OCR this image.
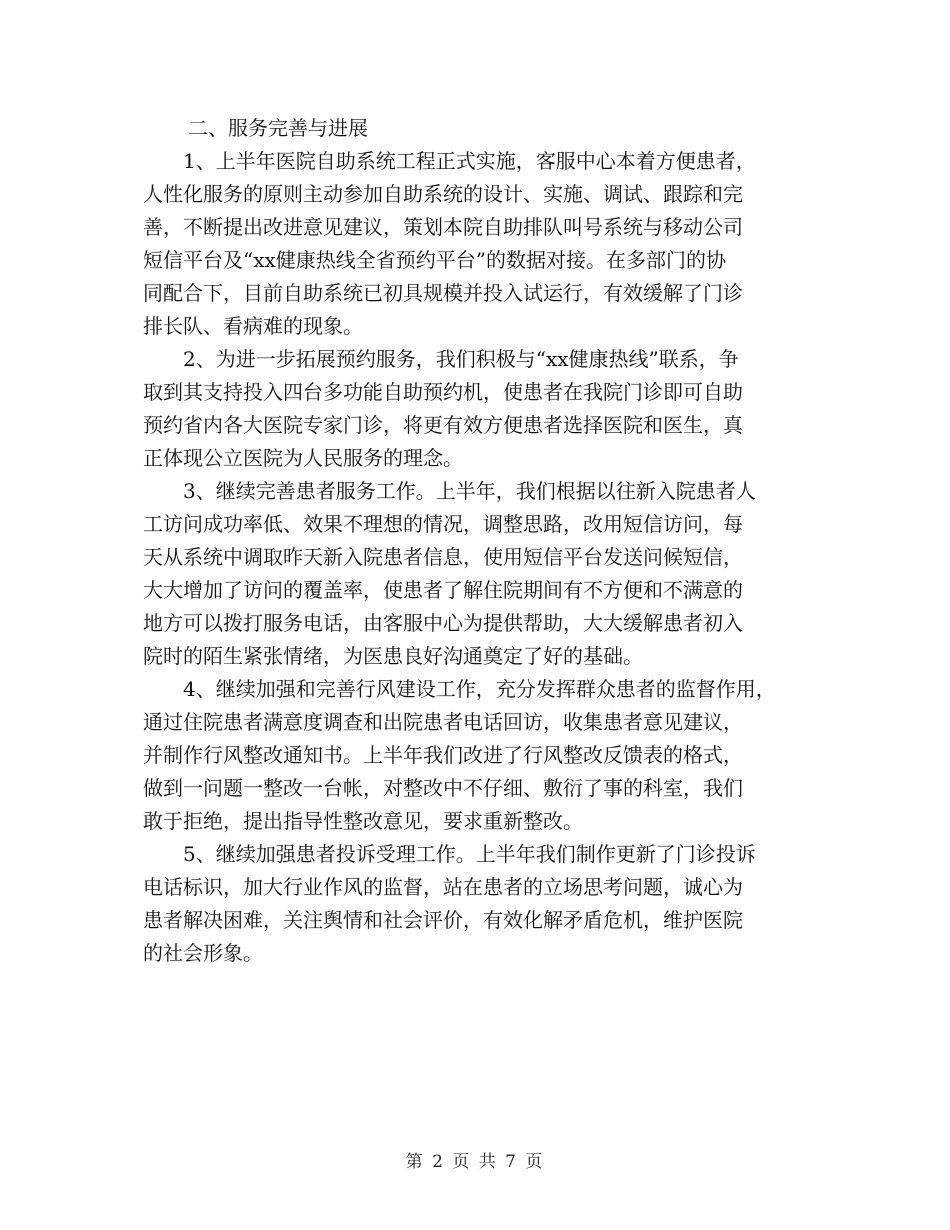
二、服务完善与进展

1、上半年医院自助系统工程正式实施，客服中心本着方便患者，
人性化服务的原则主动参加自助系统的设计、实施、调试、跟踪和完
善，不断提出改进意见建议，策划本院自助排队叫号系统与移动公司
短信平台及“xx健康热线全省预约平台”的数据对接。在多部门的协
同配合下，目前自助系统已初具规模并投入试运行，有效缓解了门诊
排长队、看病难的现象。

2、为进一步拓展预约服务，我们积极与“xx健康热线”联系，争
取到其支持投入四台多功能自助预约机，使患者在我院门诊即可自助
预约省内各大医院专家门诊，将更有效方便患者选择医院和医生，真
正体现公立医院为人民服务的理念。

3、继续完善患者服务工作。上半年，我们根据以往新入院患者人
工访问成功率低、效果不理想的情况，调整思路，改用短信访问，每
天从系统中调取昨天新入院患者信息，使用短信平台发送问候短信，
大大增加了访问的覆盖率，使患者了解住院期间有不方便和不满意的
地方可以拨打服务电话，由客服中心为提供帮助，大大缓解患者初入
院时的陌生紧张情绪，为医患良好沟通奠定了好的基础。

4、继续加强和完善行风建设工作，充分发挥群众患者的监督作用，
通过住院患者满意度调查和出院患者电话回访，收集患者意见建议，
并制作行风整改通知书。上半年我们改进了行风整改反馈表的格式，
做到一问题一整改一台帐，对整改中不仔细、敷衍了事的科室，我们
敢于拒绝，提出指导性整改意见，要求重新整改。

5、继续加强患者投诉受理工作。上半年我们制作更新了门诊投诉
电话标识，加大行业作风的监督，站在患者的立场思考问题，诚心为
患者解决困难，关注舆情和社会评价，有效化解矛盾危机，维护医院
的社会形象。

第 2 页 共 7 页
